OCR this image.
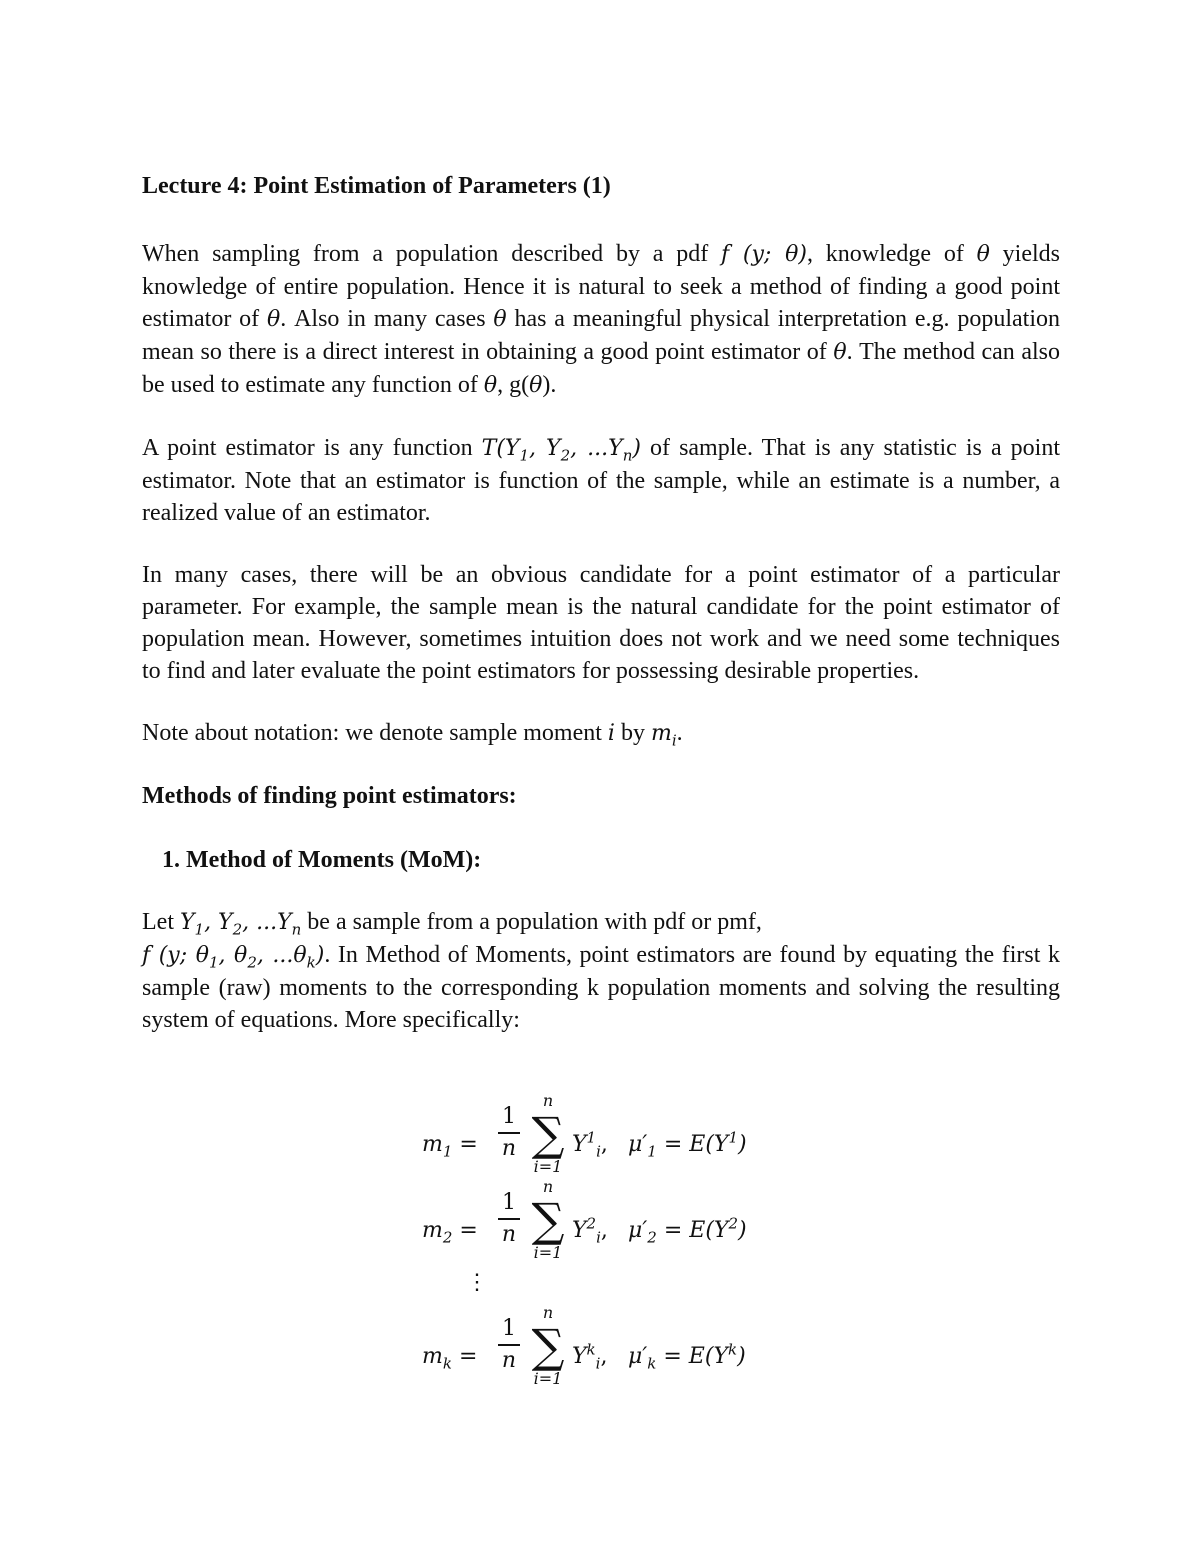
Lecture 4: Point Estimation of Parameters (1)
When sampling from a population described by a pdf f (y; θ), knowledge of θ yields knowledge of entire population. Hence it is natural to seek a method of finding a good point estimator of θ. Also in many cases θ has a meaningful physical interpretation e.g. population mean so there is a direct interest in obtaining a good point estimator of θ. The method can also be used to estimate any function of θ, g(θ).
A point estimator is any function $T(Y_1$, $Y_2$, $...Y_n$) of sample. That is any statistic is a point estimator. Note that an estimator is function of the sample, while an estimate is a number, a realized value of an estimator.
In many cases, there will be an obvious candidate for a point estimator of a particular parameter. For example, the sample mean is the natural candidate for the point estimator of population mean. However, sometimes intuition does not work and we need some techniques to find and later evaluate the point estimators for possessing desirable properties.
Note about notation: we denote sample moment i by $m_i$.
Methods of finding point estimators:
1. Method of Moments (MoM):
Let $Y_1$, $Y_2$, $...Y_n$ be a sample from a population with pdf or pmf,
f (y; $\theta_1$, $\theta_2$, $...\theta_k$). In Method of Moments, point estimators are found by equating the first k sample (raw) moments to the corresponding k population moments and solving the resulting system of equations. More specifically:
$m_1$ =
1
n
n
∑
i=1
$Y^1_i$, $\mu'_1 = E(Y^1)$
$m_2$ =
1
n
n
∑
i=1
$Y^2_i$, $\mu'_2 = E(Y^2)$
⋮
$m_k$ =
1
n
n
∑
i=1
$Y^k_i$, $\mu'_k = E(Y^k)$
